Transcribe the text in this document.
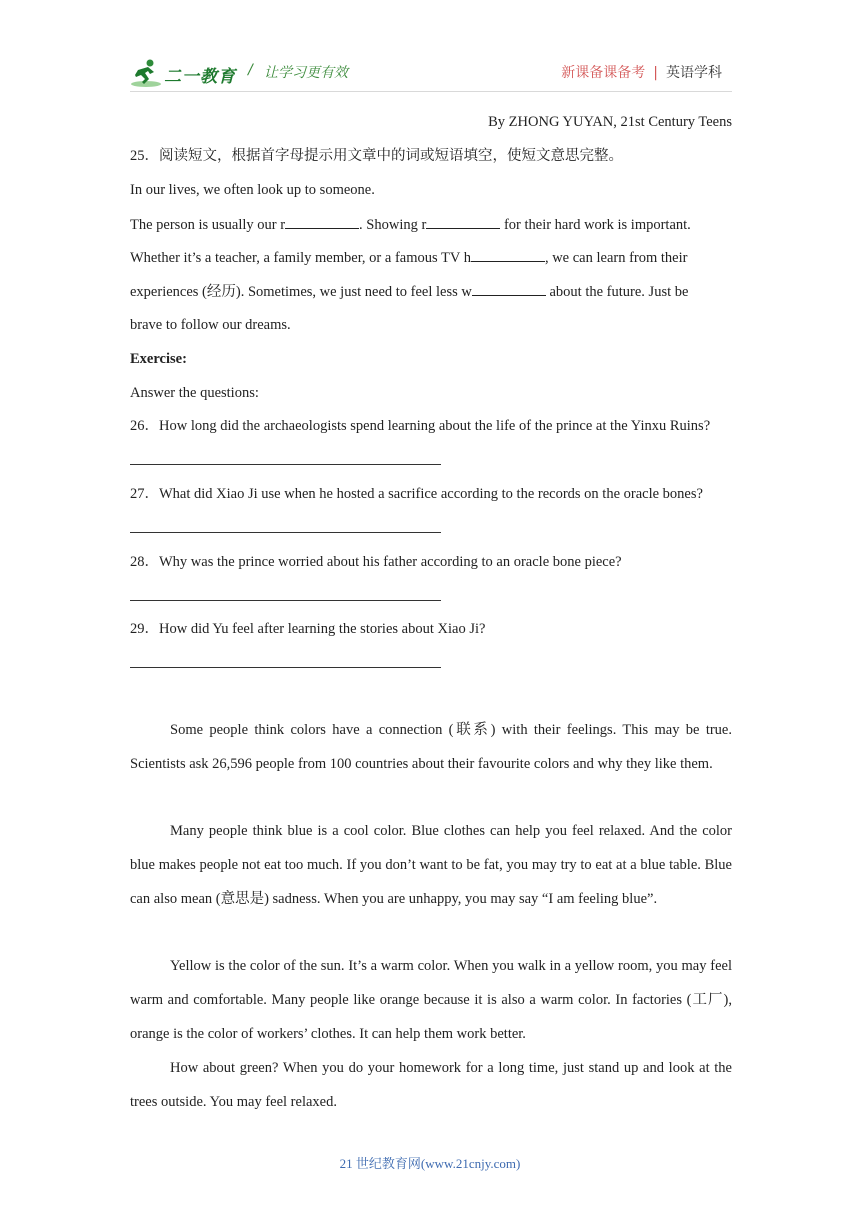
二一教育 / 让学习更有效	新课备课备考 | 英语学科
By ZHONG YUYAN, 21st Century Teens
25．阅读短文，根据首字母提示用文章中的词或短语填空，使短文意思完整。
In our lives, we often look up to someone.
The person is usually our r	. Showing r	for their hard work is important.
Whether it’s a teacher, a family member, or a famous TV h	, we can learn from their
experiences (经历). Sometimes, we just need to feel less w	about the future. Just be
brave to follow our dreams.
Exercise:
Answer the questions:
26．How long did the archaeologists spend learning about the life of the prince at the Yinxu Ruins?
27．What did Xiao Ji use when he hosted a sacrifice according to the records on the oracle bones?
28．Why was the prince worried about his father according to an oracle bone piece?
29．How did Yu feel after learning the stories about Xiao Ji?

Some people think colors have a connection (联系) with their feelings. This may be true. Scientists ask 26,596 people from 100 countries about their favourite colors and why they like them.

Many people think blue is a cool color. Blue clothes can help you feel relaxed. And the color blue makes people not eat too much. If you don’t want to be fat, you may try to eat at a blue table. Blue can also mean (意思是) sadness. When you are unhappy, you may say “I am feeling blue”.

Yellow is the color of the sun. It’s a warm color. When you walk in a yellow room, you may feel warm and comfortable. Many people like orange because it is also a warm color. In factories (工厂), orange is the color of workers’ clothes. It can help them work better.

How about green? When you do your homework for a long time, just stand up and look at the trees outside. You may feel relaxed.

21 世纪教育网(www.21cnjy.com)
